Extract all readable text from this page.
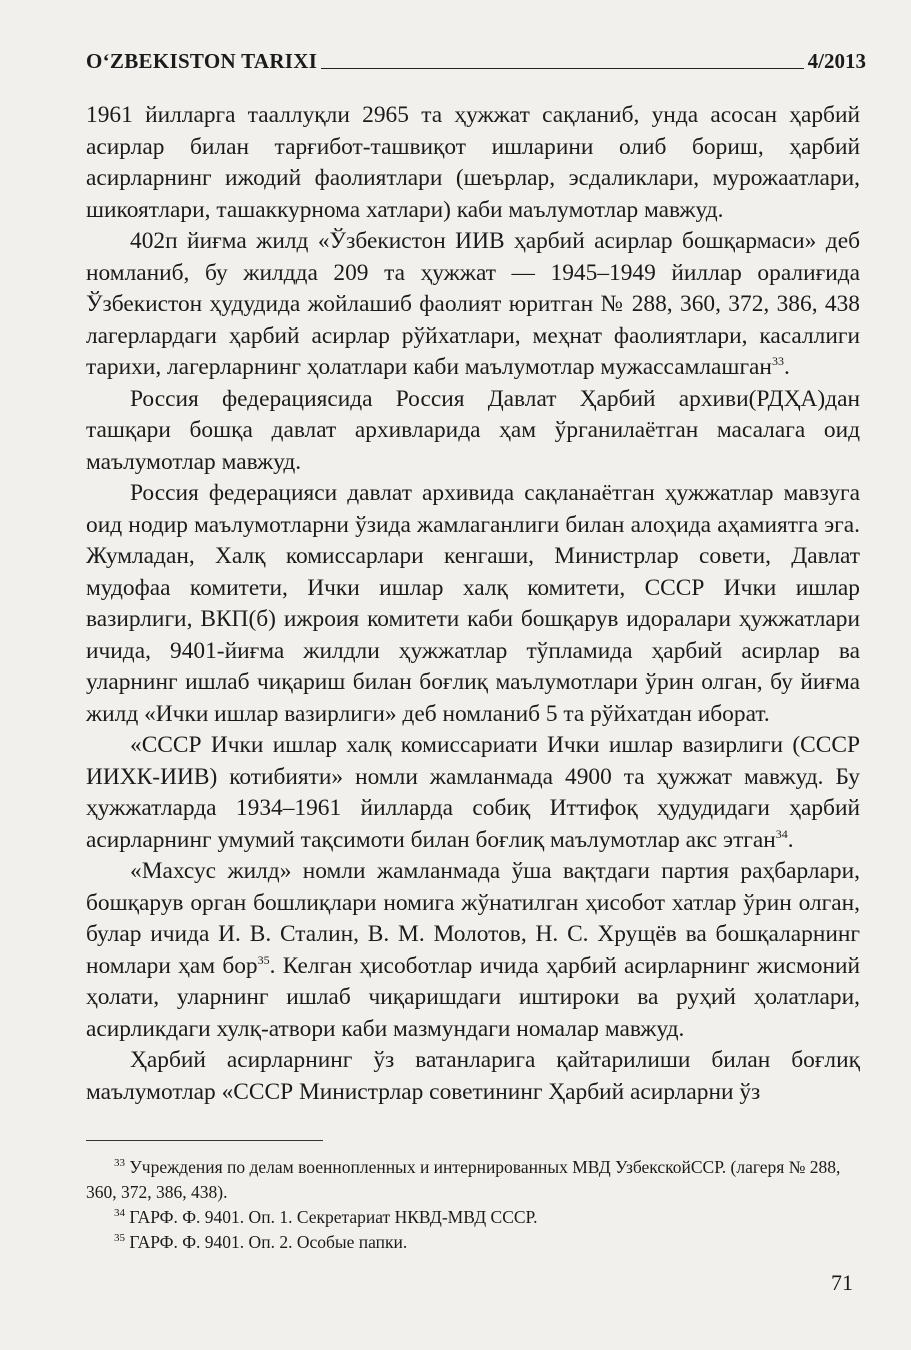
O‘ZBEKISTON TARIXI	4/2013

1961 йилларга тааллуқли 2965 та ҳужжат сақланиб, унда асосан ҳарбий асирлар билан тарғибот-ташвиқот ишларини олиб бориш, ҳарбий асирларнинг ижодий фаолиятлари (шеърлар, эсдаликлари, мурожаатлари, шикоятлари, ташаккурнома хатлари) каби маълумотлар мавжуд.

402п йиғма жилд «Ўзбекистон ИИВ ҳарбий асирлар бошқармаси» деб номланиб, бу жилдда 209 та ҳужжат — 1945–1949 йиллар оралиғида Ўзбекистон ҳудудида жойлашиб фаолият юритган № 288, 360, 372, 386, 438 лагерлардаги ҳарбий асирлар рўйхатлари, меҳнат фаолиятлари, касаллиги тарихи, лагерларнинг ҳолатлари каби маълумотлар мужассамлашган$^{33}$.

Россия федерациясида Россия Давлат Ҳарбий архиви(РДҲА)дан ташқари бошқа давлат архивларида ҳам ўрганилаётган масалага оид маълумотлар мавжуд.

Россия федерацияси давлат архивида сақланаётган ҳужжатлар мавзуга оид нодир маълумотларни ўзида жамлаганлиги билан алоҳида аҳамиятга эга. Жумладан, Халқ комиссарлари кенгаши, Министрлар совети, Давлат мудофаа комитети, Ички ишлар халқ комитети, СССР Ички ишлар вазирлиги, ВКП(б) ижроия комитети каби бошқарув идоралари ҳужжатлари ичида, 9401-йиғма жилдли ҳужжатлар тўпламида ҳарбий асирлар ва уларнинг ишлаб чиқариш билан боғлиқ маълумотлари ўрин олган, бу йиғма жилд «Ички ишлар вазирлиги» деб номланиб 5 та рўйхатдан иборат.

«СССР Ички ишлар халқ комиссариати Ички ишлар вазирлиги (СССР ИИХК-ИИВ) котибияти» номли жамланмада 4900 та ҳужжат мавжуд. Бу ҳужжатларда 1934–1961 йилларда собиқ Иттифоқ ҳудудидаги ҳарбий асирларнинг умумий тақсимоти билан боғлиқ маълумотлар акс этган$^{34}$.

«Махсус жилд» номли жамланмада ўша вақтдаги партия раҳбарлари, бошқарув орган бошлиқлари номига жўнатилган ҳисобот хатлар ўрин олган, булар ичида И. В. Сталин, В. М. Молотов, Н. С. Хрущёв ва бошқаларнинг номлари ҳам бор$^{35}$. Келган ҳисоботлар ичида ҳарбий асирларнинг жисмоний ҳолати, уларнинг ишлаб чиқаришдаги иштироки ва руҳий ҳолатлари, асирликдаги хулқ-атвори каби мазмундаги номалар мавжуд.

Ҳарбий асирларнинг ўз ватанларига қайтарилиши билан боғлиқ маълумотлар «СССР Министрлар советининг Ҳарбий асирларни ўз

$^{33}$ Учреждения по делам военнопленных и интернированных МВД УзбекскойССР. (лагеря № 288, 360, 372, 386, 438).

$^{34}$ ГАРФ. Ф. 9401. Оп. 1. Секретариат НКВД-МВД СССР.

$^{35}$ ГАРФ. Ф. 9401. Оп. 2. Особые папки.

71
